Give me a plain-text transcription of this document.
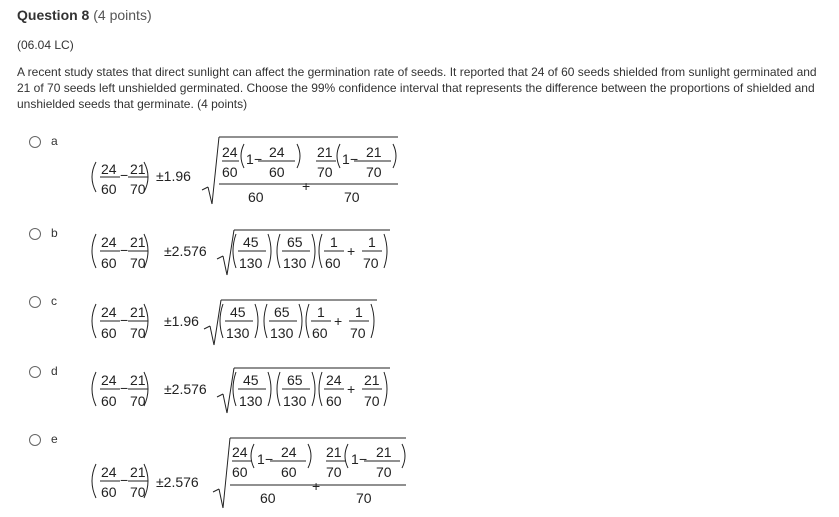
Question 8 (4 points)
(06.04 LC)
A recent study states that direct sunlight can affect the germination rate of seeds. It reported that 24 of 60 seeds shielded from sunlight germinated and 21 of 70 seeds left unshielded germinated. Choose the 99% confidence interval that represents the difference between the proportions of shielded and unshielded seeds that germinate. (4 points)
a
24
60
− 21
70
±1.96
24
60
1 − 24
60
+
21
70
1 − 21
70
60	70
b
24
60
− 21
70
±2.576
45
130
65
130
1
60
+
1
70
c
24
60
− 21
70
±1.96
45
130
65
130
1
60
+
1
70
d
24
60
− 21
70
±2.576
45
130
65
130
24
60
+
21
70
e
24
60
− 21
70
±2.576
24
60
1 − 24
60
+
21
70
1 − 21
70
60	70
